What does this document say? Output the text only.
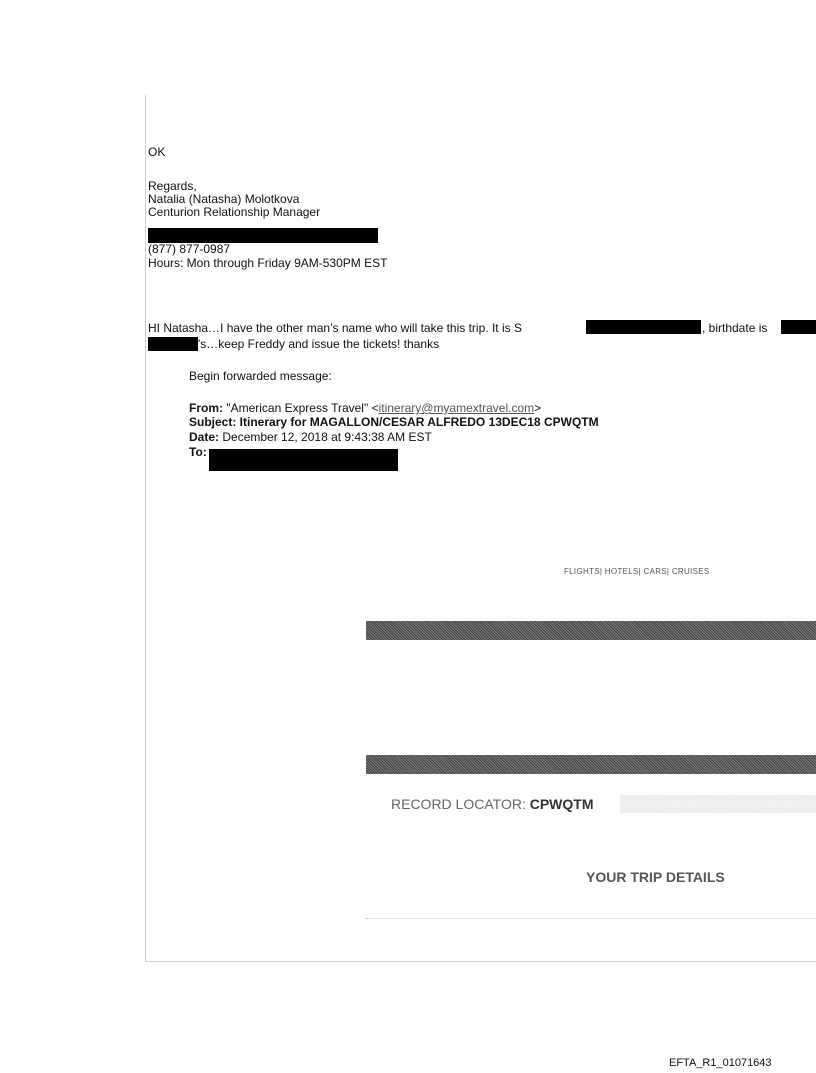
OK
Regards,
Natalia (Natasha) Molotkova
Centurion Relationship Manager
(877) 877-0987
Hours: Mon through Friday 9AM-530PM EST
HI Natasha…I have the other man’s name who will take this trip. It is S	, birthdate is
's…keep Freddy and issue the tickets! thanks
Begin forwarded message:
From: "American Express Travel" <itinerary@myamextravel.com>
Subject: Itinerary for MAGALLON/CESAR ALFREDO 13DEC18 CPWQTM
Date: December 12, 2018 at 9:43:38 AM EST
To:
FLIGHTS| HOTELS| CARS| CRUISES
RECORD LOCATOR: CPWQTM
YOUR TRIP DETAILS
EFTA_R1_01071643
